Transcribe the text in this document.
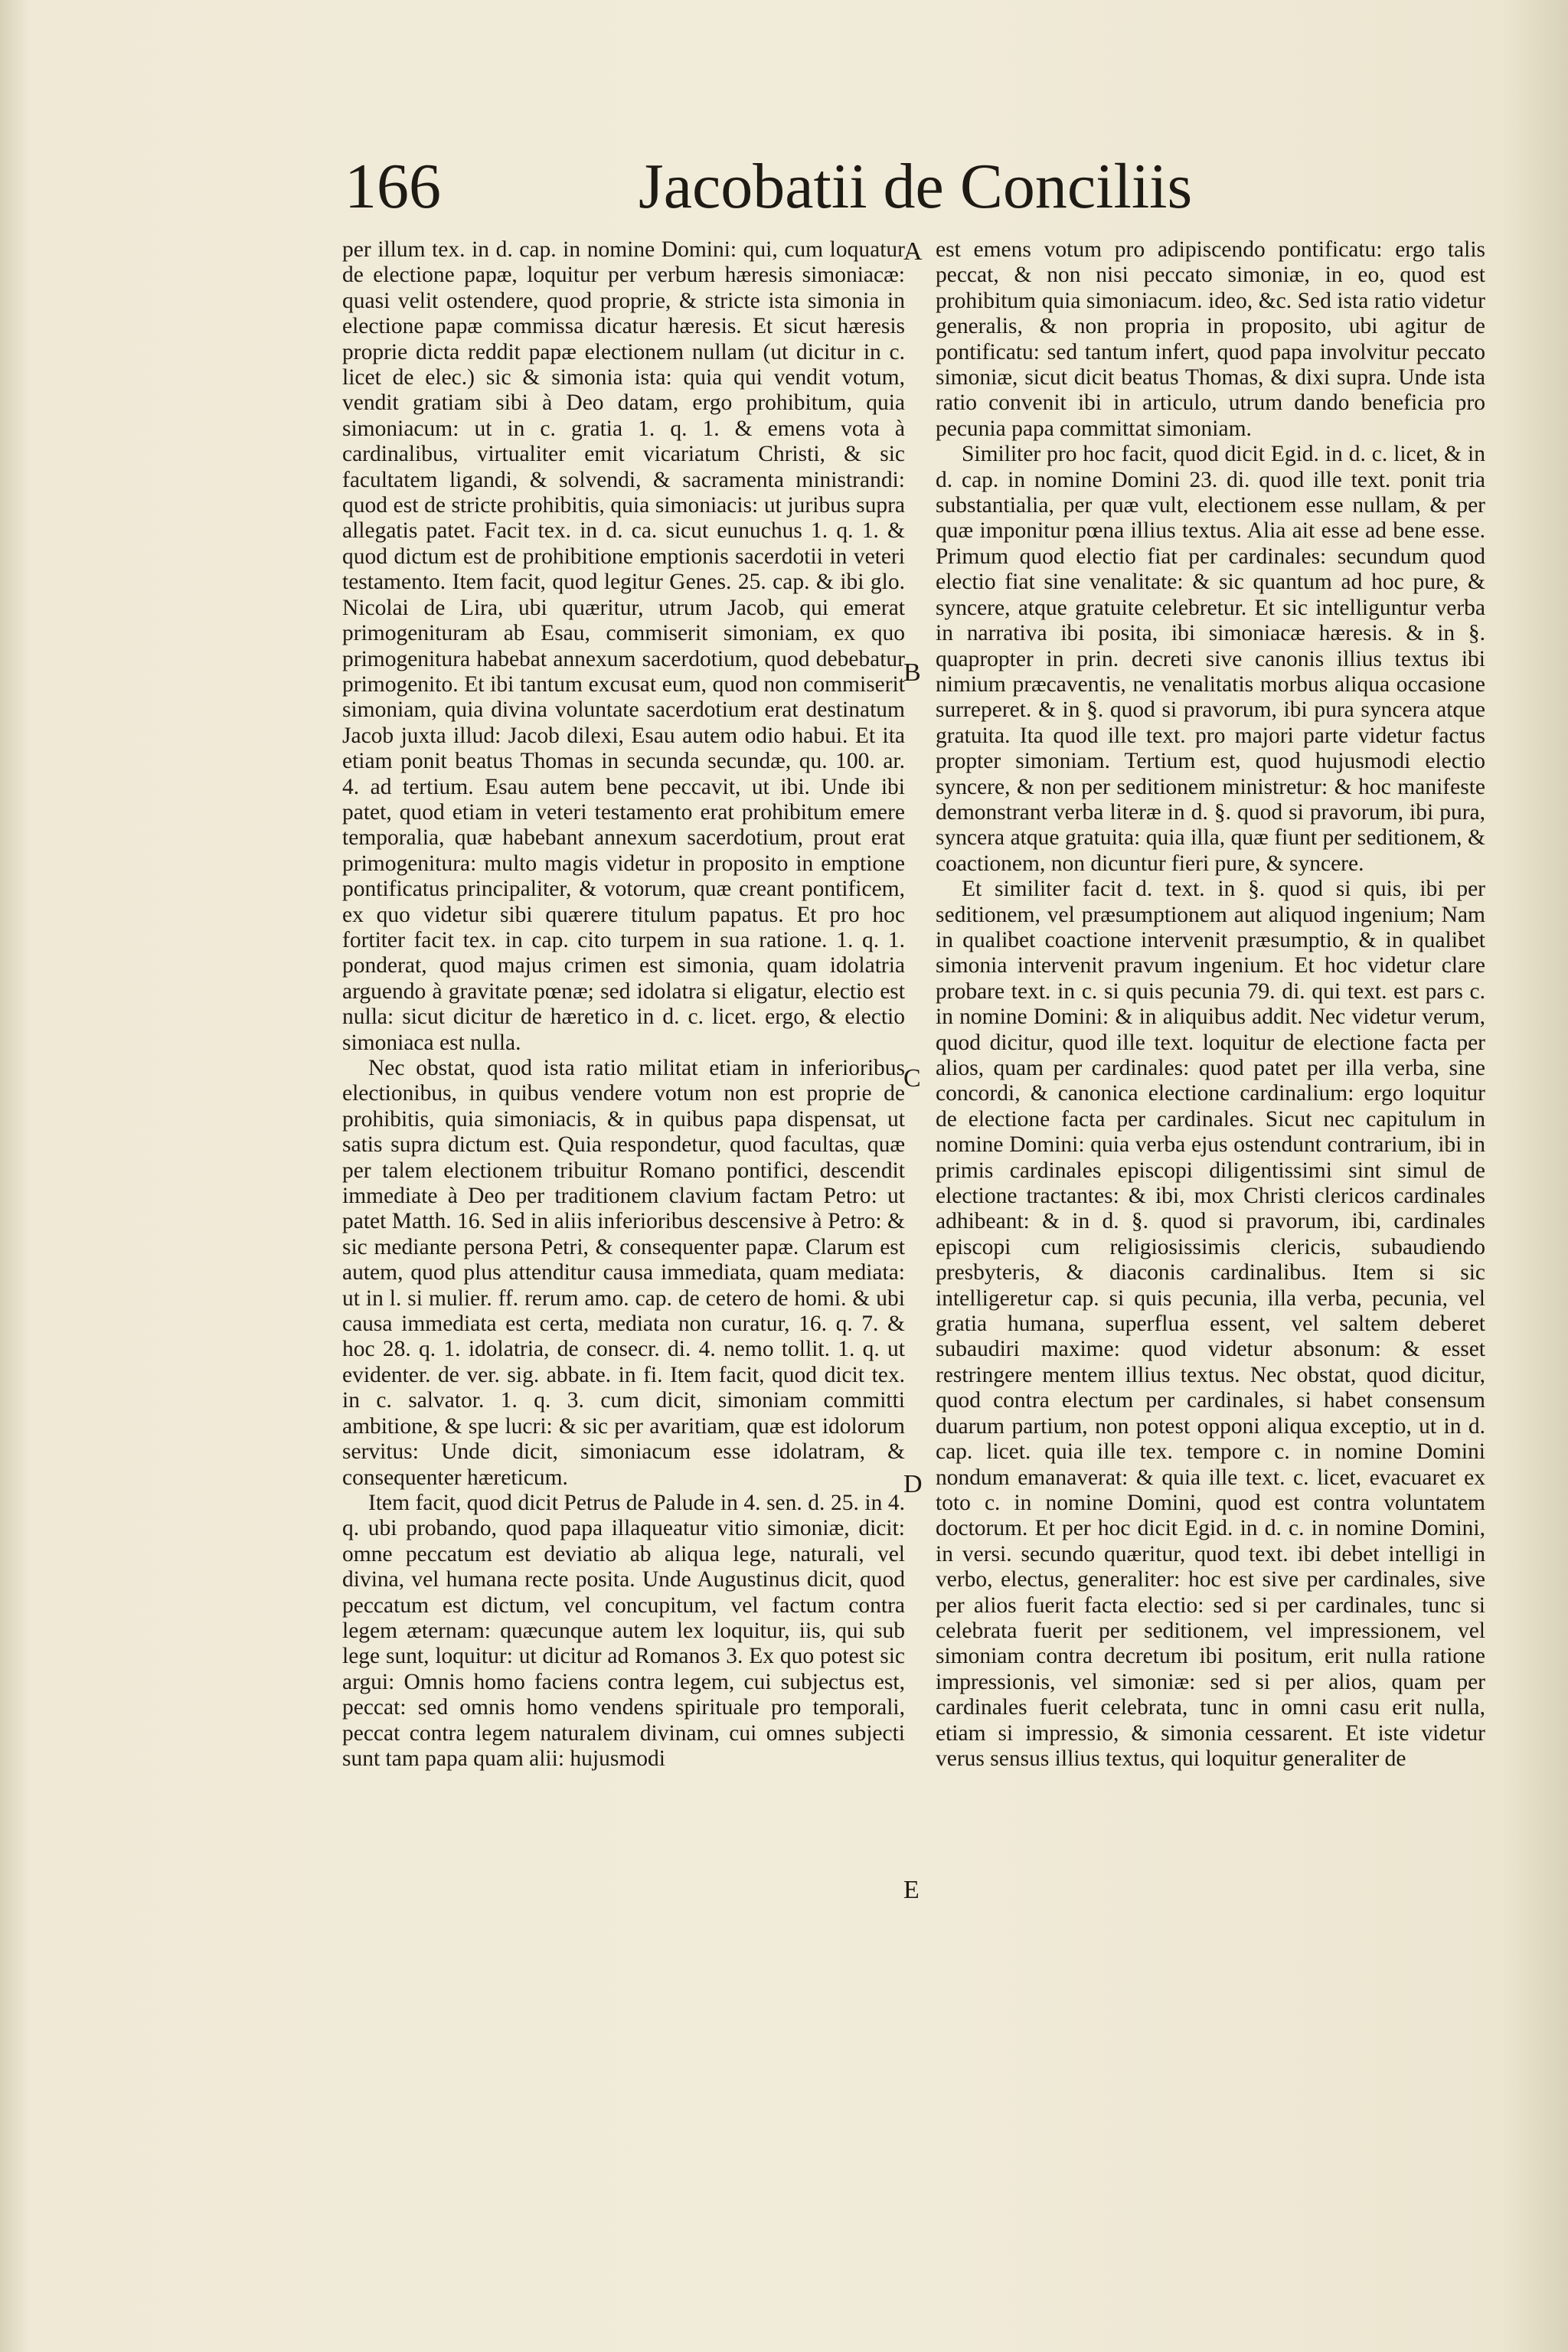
166	Jacobatii de Conciliis
A
B
C
D
E

per illum tex. in d. cap. in nomine Domini: qui, cum loquatur de electione papæ, loquitur per verbum hæresis simoniacæ: quasi velit ostendere, quod proprie, & stricte ista simonia in electione papæ commissa dicatur hæresis. Et sicut hæresis proprie dicta reddit papæ electionem nullam (ut dicitur in c. licet de elec.) sic & simonia ista: quia qui vendit votum, vendit gratiam sibi à Deo datam, ergo prohibitum, quia simoniacum: ut in c. gratia 1. q. 1. & emens vota à cardinalibus, virtualiter emit vicariatum Christi, & sic facultatem ligandi, & solvendi, & sacramenta ministrandi: quod est de stricte prohibitis, quia simoniacis: ut juribus supra allegatis patet. Facit tex. in d. ca. sicut eunuchus 1. q. 1. & quod dictum est de prohibitione emptionis sacerdotii in veteri testamento. Item facit, quod legitur Genes. 25. cap. & ibi glo. Nicolai de Lira, ubi quæritur, utrum Jacob, qui emerat primogenituram ab Esau, commiserit simoniam, ex quo primogenitura habebat annexum sacerdotium, quod debebatur primogenito. Et ibi tantum excusat eum, quod non commiserit simoniam, quia divina voluntate sacerdotium erat destinatum Jacob juxta illud: Jacob dilexi, Esau autem odio habui. Et ita etiam ponit beatus Thomas in secunda secundæ, qu. 100. ar. 4. ad tertium. Esau autem bene peccavit, ut ibi. Unde ibi patet, quod etiam in veteri testamento erat prohibitum emere temporalia, quæ habebant annexum sacerdotium, prout erat primogenitura: multo magis videtur in proposito in emptione pontificatus principaliter, & votorum, quæ creant pontificem, ex quo videtur sibi quærere titulum papatus. Et pro hoc fortiter facit tex. in cap. cito turpem in sua ratione. 1. q. 1. ponderat, quod majus crimen est simonia, quam idolatria arguendo à gravitate pœnæ; sed idolatra si eligatur, electio est nulla: sicut dicitur de hæretico in d. c. licet. ergo, & electio simoniaca est nulla.

Nec obstat, quod ista ratio militat etiam in inferioribus electionibus, in quibus vendere votum non est proprie de prohibitis, quia simoniacis, & in quibus papa dispensat, ut satis supra dictum est. Quia respondetur, quod facultas, quæ per talem electionem tribuitur Romano pontifici, descendit immediate à Deo per traditionem clavium factam Petro: ut patet Matth. 16. Sed in aliis inferioribus descensive à Petro: & sic mediante persona Petri, & consequenter papæ. Clarum est autem, quod plus attenditur causa immediata, quam mediata: ut in l. si mulier. ff. rerum amo. cap. de cetero de homi. & ubi causa immediata est certa, mediata non curatur, 16. q. 7. & hoc 28. q. 1. idolatria, de consecr. di. 4. nemo tollit. 1. q. ut evidenter. de ver. sig. abbate. in fi. Item facit, quod dicit tex. in c. salvator. 1. q. 3. cum dicit, simoniam committi ambitione, & spe lucri: & sic per avaritiam, quæ est idolorum servitus: Unde dicit, simoniacum esse idolatram, & consequenter hæreticum.

Item facit, quod dicit Petrus de Palude in 4. sen. d. 25. in 4. q. ubi probando, quod papa illaqueatur vitio simoniæ, dicit: omne peccatum est deviatio ab aliqua lege, naturali, vel divina, vel humana recte posita. Unde Augustinus dicit, quod peccatum est dictum, vel concupitum, vel factum contra legem æternam: quæcunque autem lex loquitur, iis, qui sub lege sunt, loquitur: ut dicitur ad Romanos 3. Ex quo potest sic argui: Omnis homo faciens contra legem, cui subjectus est, peccat: sed omnis homo vendens spirituale pro temporali, peccat contra legem naturalem divinam, cui omnes subjecti sunt tam papa quam alii: hujusmodi

est emens votum pro adipiscendo pontificatu: ergo talis peccat, & non nisi peccato simoniæ, in eo, quod est prohibitum quia simoniacum. ideo, &c. Sed ista ratio videtur generalis, & non propria in proposito, ubi agitur de pontificatu: sed tantum infert, quod papa involvitur peccato simoniæ, sicut dicit beatus Thomas, & dixi supra. Unde ista ratio convenit ibi in articulo, utrum dando beneficia pro pecunia papa committat simoniam.

Similiter pro hoc facit, quod dicit Egid. in d. c. licet, & in d. cap. in nomine Domini 23. di. quod ille text. ponit tria substantialia, per quæ vult, electionem esse nullam, & per quæ imponitur pœna illius textus. Alia ait esse ad bene esse. Primum quod electio fiat per cardinales: secundum quod electio fiat sine venalitate: & sic quantum ad hoc pure, & syncere, atque gratuite celebretur. Et sic intelliguntur verba in narrativa ibi posita, ibi simoniacæ hæresis. & in §. quapropter in prin. decreti sive canonis illius textus ibi nimium præcaventis, ne venalitatis morbus aliqua occasione surreperet. & in §. quod si pravorum, ibi pura syncera atque gratuita. Ita quod ille text. pro majori parte videtur factus propter simoniam. Tertium est, quod hujusmodi electio syncere, & non per seditionem ministretur: & hoc manifeste demonstrant verba literæ in d. §. quod si pravorum, ibi pura, syncera atque gratuita: quia illa, quæ fiunt per seditionem, & coactionem, non dicuntur fieri pure, & syncere.

Et similiter facit d. text. in §. quod si quis, ibi per seditionem, vel præsumptionem aut aliquod ingenium; Nam in qualibet coactione intervenit præsumptio, & in qualibet simonia intervenit pravum ingenium. Et hoc videtur clare probare text. in c. si quis pecunia 79. di. qui text. est pars c. in nomine Domini: & in aliquibus addit. Nec videtur verum, quod dicitur, quod ille text. loquitur de electione facta per alios, quam per cardinales: quod patet per illa verba, sine concordi, & canonica electione cardinalium: ergo loquitur de electione facta per cardinales. Sicut nec capitulum in nomine Domini: quia verba ejus ostendunt contrarium, ibi in primis cardinales episcopi diligentissimi sint simul de electione tractantes: & ibi, mox Christi clericos cardinales adhibeant: & in d. §. quod si pravorum, ibi, cardinales episcopi cum religiosissimis clericis, subaudiendo presbyteris, & diaconis cardinalibus. Item si sic intelligeretur cap. si quis pecunia, illa verba, pecunia, vel gratia humana, superflua essent, vel saltem deberet subaudiri maxime: quod videtur absonum: & esset restringere mentem illius textus. Nec obstat, quod dicitur, quod contra electum per cardinales, si habet consensum duarum partium, non potest opponi aliqua exceptio, ut in d. cap. licet. quia ille tex. tempore c. in nomine Domini nondum emanaverat: & quia ille text. c. licet, evacuaret ex toto c. in nomine Domini, quod est contra voluntatem doctorum. Et per hoc dicit Egid. in d. c. in nomine Domini, in versi. secundo quæritur, quod text. ibi debet intelligi in verbo, electus, generaliter: hoc est sive per cardinales, sive per alios fuerit facta electio: sed si per cardinales, tunc si celebrata fuerit per seditionem, vel impressionem, vel simoniam contra decretum ibi positum, erit nulla ratione impressionis, vel simoniæ: sed si per alios, quam per cardinales fuerit celebrata, tunc in omni casu erit nulla, etiam si impressio, & simonia cessarent. Et iste videtur verus sensus illius textus, qui loquitur generaliter de
